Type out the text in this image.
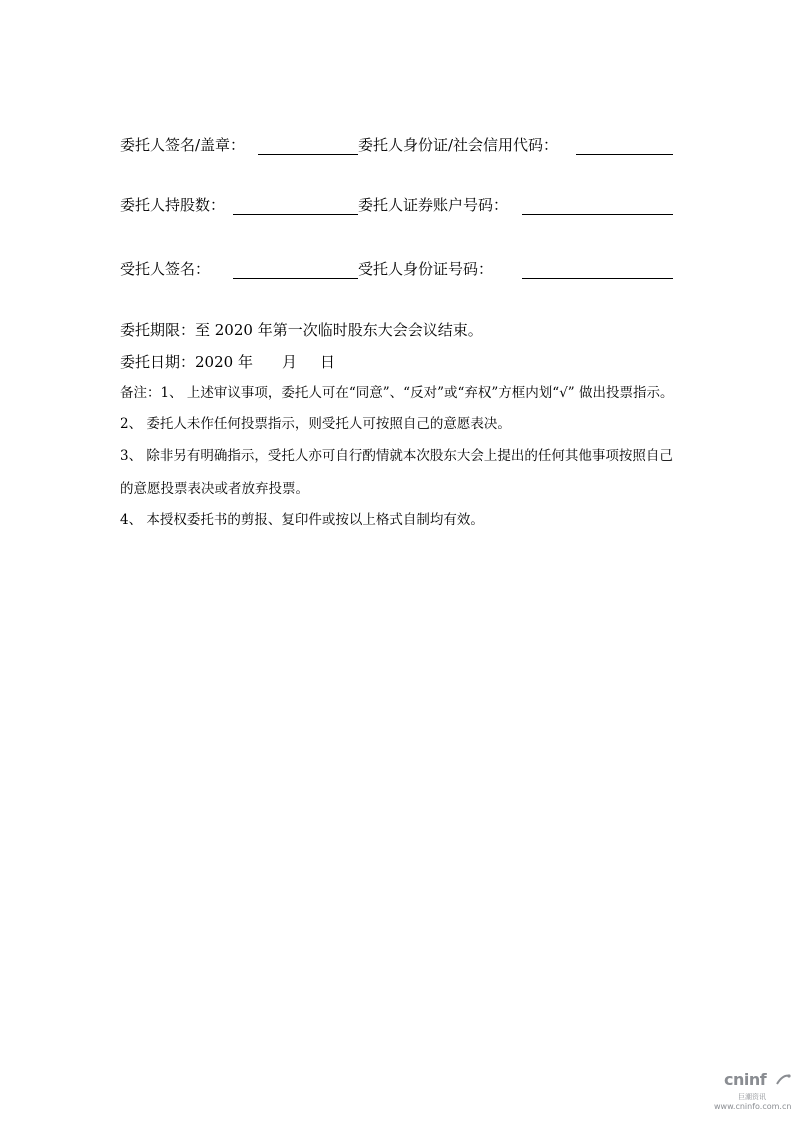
委托人签名/盖章：	委托人身份证/社会信用代码：
委托人持股数：	委托人证券账户号码：
受托人签名：	受托人身份证号码：
委托期限：至 2020 年第一次临时股东大会会议结束。
委托日期：2020 年 月 日
备注：1、 上述审议事项，委托人可在“同意”、“反对”或“弃权”方框内划“√” 做出投票指示。
2、 委托人未作任何投票指示，则受托人可按照自己的意愿表决。
3、 除非另有明确指示，受托人亦可自行酌情就本次股东大会上提出的任何其他事项按照自己的意愿投票表决或者放弃投票。
4、 本授权委托书的剪报、复印件或按以上格式自制均有效。
cninf
巨潮资讯
www.cninfo.com.cn
